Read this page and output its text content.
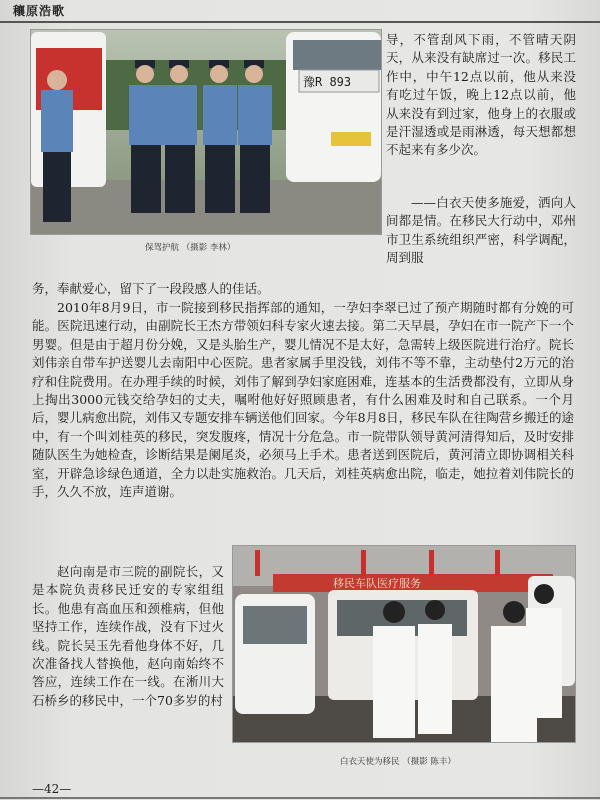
穰原浩歌
豫R 893
保驾护航 （摄影 李林）

导，不管刮风下雨，不管晴天阴天，从来没有缺席过一次。移民工作中，中午12点以前，他从来没有吃过午饭，晚上12点以前，他从来没有到过家，他身上的衣服或是汗湿透或是雨淋透，每天想都想不起来有多少次。

——白衣天使多施爱，洒向人间都是情。在移民大行动中，邓州市卫生系统组织严密，科学调配，周到服

务，奉献爱心，留下了一段段感人的佳话。
2010年8月9日，市一院接到移民指挥部的通知，一孕妇李翠已过了预产期随时都有分娩的可能。医院迅速行动，由副院长王杰方带领妇科专家火速去接。第二天早晨，孕妇在市一院产下一个男婴。但是由于超月份分娩，又是头胎生产，婴儿情况不是太好，急需转上级医院进行治疗。院长刘伟亲自带车护送婴儿去南阳中心医院。患者家属手里没钱，刘伟不等不靠，主动垫付2万元的治疗和住院费用。在办理手续的时候，刘伟了解到孕妇家庭困难，连基本的生活费都没有，立即从身上掏出3000元钱交给孕妇的丈夫，嘱咐他好好照顾患者，有什么困难及时和自己联系。一个月后，婴儿病愈出院，刘伟又专题安排车辆送他们回家。今年8月8日，移民车队在往陶营乡搬迁的途中，有一个叫刘桂英的移民，突发腹疼，情况十分危急。市一院带队领导黄河清得知后，及时安排随队医生为她检查，诊断结果是阑尾炎，必须马上手术。患者送到医院后，黄河清立即协调相关科室，开辟急诊绿色通道，全力以赴实施救治。几天后，刘桂英病愈出院，临走，她拉着刘伟院长的手，久久不放，连声道谢。
赵向南是市三院的副院长，又是本院负责移民迁安的专家组组长。他患有高血压和颈椎病，但他坚持工作，连续作战，没有下过火线。院长吴玉先看他身体不好，几次准备找人替换他，赵向南始终不答应，连续工作在一线。在淅川大石桥乡的移民中，一个70多岁的村
移民车队医疗服务
白衣天使为移民 （摄影 陈丰）
—42—
